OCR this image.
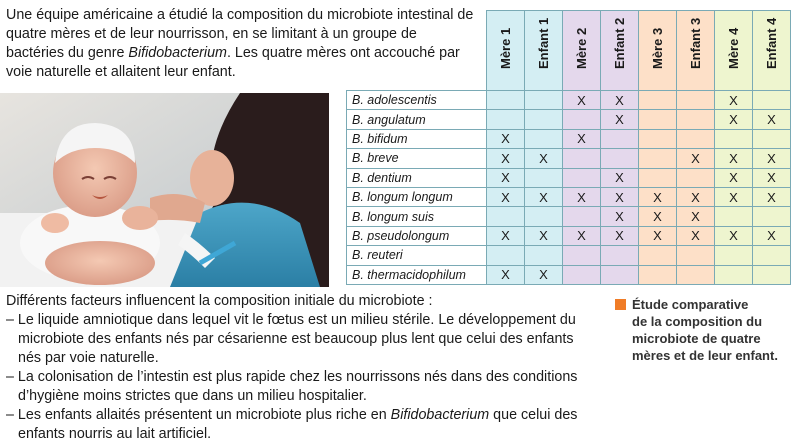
Une équipe américaine a étudié la composition du microbiote intestinal de quatre mères et de leur nourrisson, en se limitant à un groupe de bactéries du genre Bifidobacterium. Les quatre mères ont accouché par voie naturelle et allaitent leur enfant.

	Mère 1	Enfant 1	Mère 2	Enfant 2	Mère 3	Enfant 3	Mère 4	Enfant 4

B. adolescentis			X	X			X	
B. angulatum				X			X	X
B. bifidum	X		X					
B. breve	X	X				X	X	X
B. dentium	X			X			X	X
B. longum longum	X	X	X	X	X	X	X	X
B. longum suis				X	X	X		
B. pseudolongum	X	X	X	X	X	X	X	X
B. reuteri								
B. thermacidophilum	X	X						

Différents facteurs influencent la composition initiale du microbiote :

– Le liquide amniotique dans lequel vit le fœtus est un milieu stérile. Le développement du microbiote des enfants nés par césarienne est beaucoup plus lent que celui des enfants nés par voie naturelle.
– La colonisation de l’intestin est plus rapide chez les nourrissons nés dans des conditions d’hygiène moins strictes que dans un milieu hospitalier.
– Les enfants allaités présentent un microbiote plus riche en Bifidobacterium que celui des enfants nourris au lait artificiel.
Étude comparative
de la composition du microbiote de quatre mères et de leur enfant.
